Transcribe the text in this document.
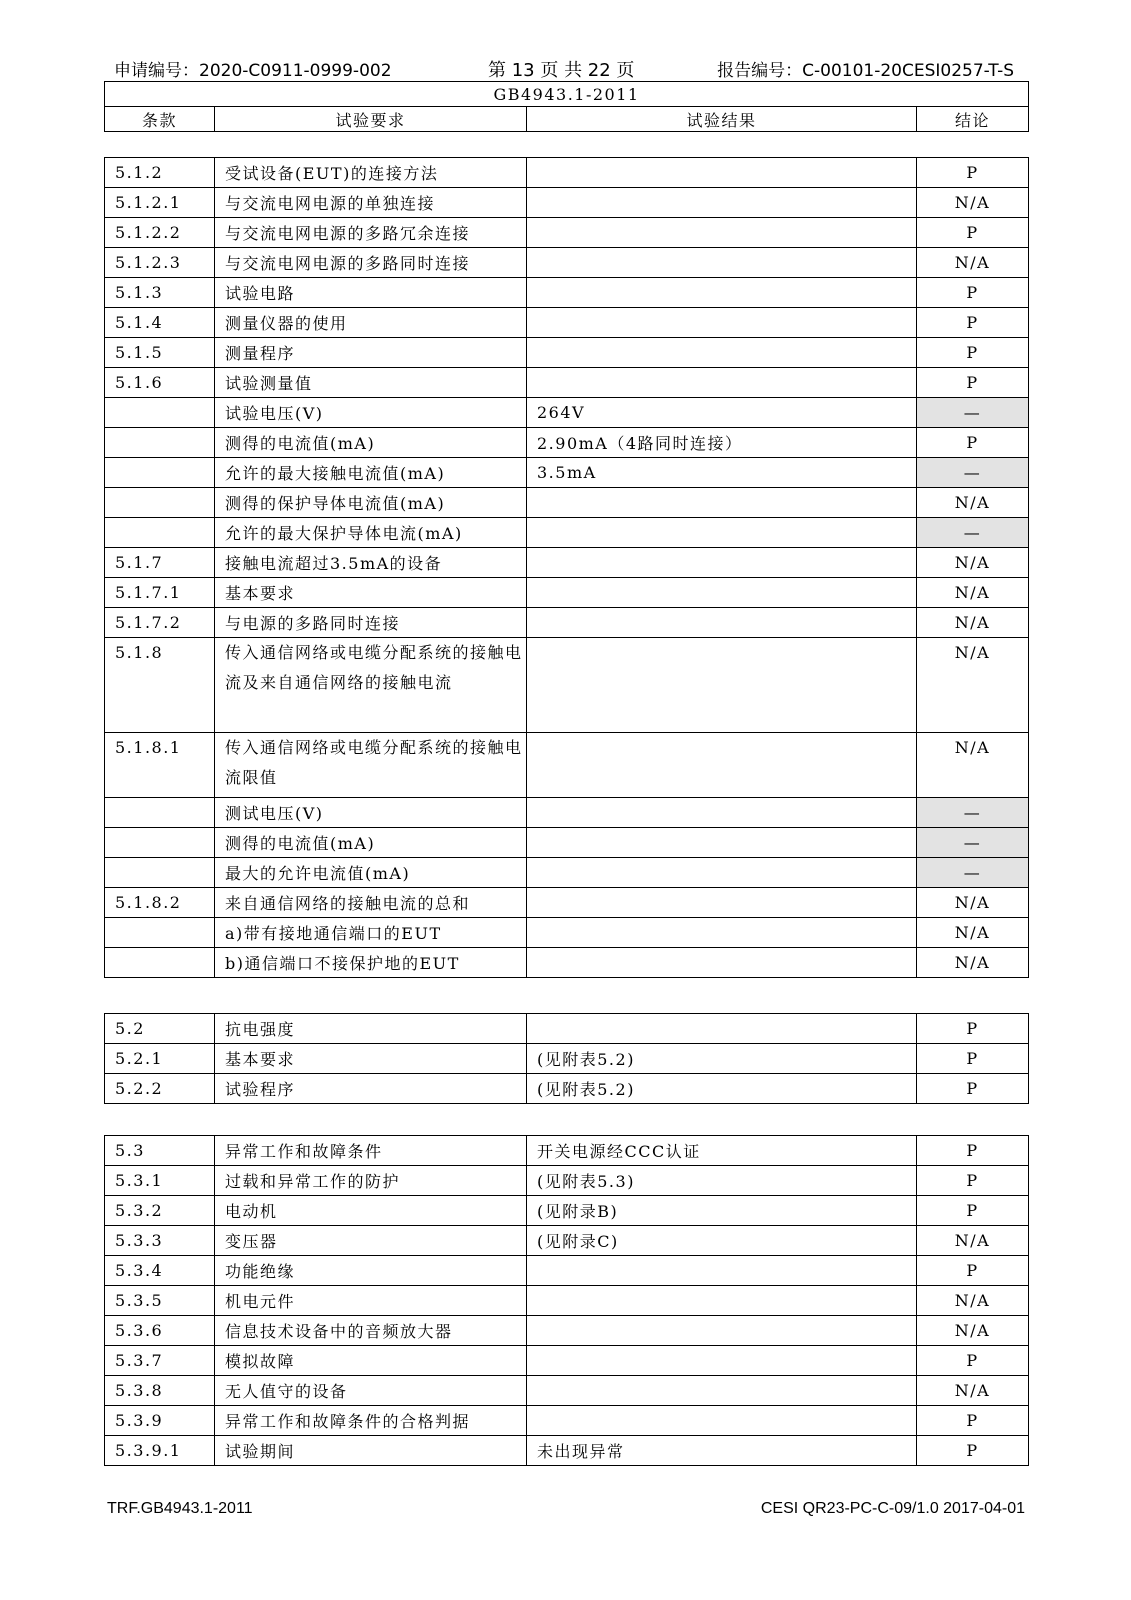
申请编号：2020-C0911-0999-002	第 13 页 共 22 页	报告编号：C-00101-20CESI0257-T-S
GB4943.1-2011
条款	试验要求	试验结果	结论
5.1.2	受试设备(EUT)的连接方法		P
5.1.2.1	与交流电网电源的单独连接		N/A
5.1.2.2	与交流电网电源的多路冗余连接		P
5.1.2.3	与交流电网电源的多路同时连接		N/A
5.1.3	试验电路		P
5.1.4	测量仪器的使用		P
5.1.5	测量程序		P
5.1.6	试验测量值		P
	试验电压(V)	264V	—
	测得的电流值(mA)	2.90mA（4路同时连接）	P
	允许的最大接触电流值(mA)	3.5mA	—
	测得的保护导体电流值(mA)		N/A
	允许的最大保护导体电流(mA)		—
5.1.7	接触电流超过3.5mA的设备		N/A
5.1.7.1	基本要求		N/A
5.1.7.2	与电源的多路同时连接		N/A
5.1.8	传入通信网络或电缆分配系统的接触电流及来自通信网络的接触电流		N/A
5.1.8.1	传入通信网络或电缆分配系统的接触电流限值		N/A
	测试电压(V)		—
	测得的电流值(mA)		—
	最大的允许电流值(mA)		—
5.1.8.2	来自通信网络的接触电流的总和		N/A
	a)带有接地通信端口的EUT		N/A
	b)通信端口不接保护地的EUT		N/A
5.2	抗电强度		P
5.2.1	基本要求	(见附表5.2)	P
5.2.2	试验程序	(见附表5.2)	P
5.3	异常工作和故障条件	开关电源经CCC认证	P
5.3.1	过载和异常工作的防护	(见附表5.3)	P
5.3.2	电动机	(见附录B)	P
5.3.3	变压器	(见附录C)	N/A
5.3.4	功能绝缘		P
5.3.5	机电元件		N/A
5.3.6	信息技术设备中的音频放大器		N/A
5.3.7	模拟故障		P
5.3.8	无人值守的设备		N/A
5.3.9	异常工作和故障条件的合格判据		P
5.3.9.1	试验期间	未出现异常	P
TRF.GB4943.1-2011	CESI QR23-PC-C-09/1.0 2017-04-01
